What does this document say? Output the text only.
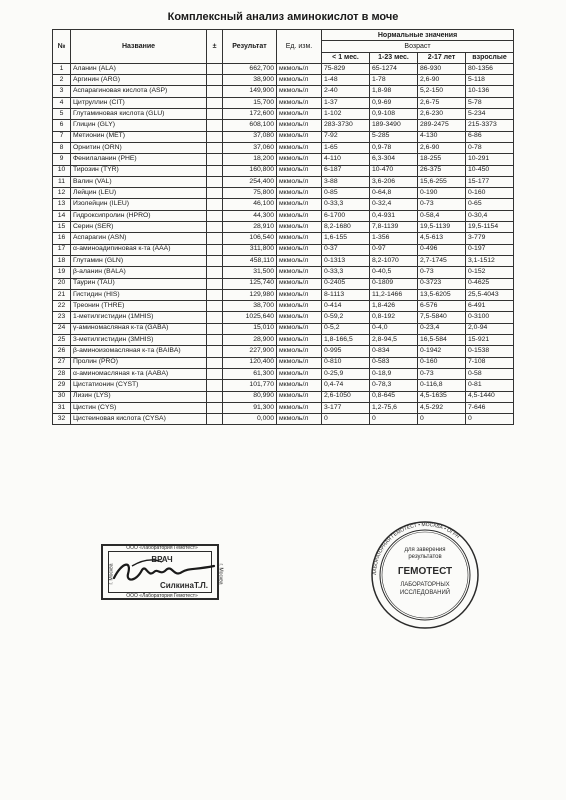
Комплексный анализ аминокислот в моче
№	Название	±	Результат	Ед. изм.	Нормальные значения			
					Возраст			
					< 1 мес.	1-23 мес.	2-17 лет	взрослые
1	Аланин (ALA)		662,700	мкмоль/л	75-829	65-1274	86-930	80-1356
2	Аргинин (ARG)		38,900	мкмоль/л	1-48	1-78	2,6-90	5-118
3	Аспарагиновая кислота (ASP)		149,900	мкмоль/л	2-40	1,8-98	5,2-150	10-136
4	Цитруллин (CIT)		15,700	мкмоль/л	1-37	0,9-69	2,6-75	5-78
5	Глутаминовая кислота (GLU)		172,600	мкмоль/л	1-102	0,9-108	2,6-230	5-234
6	Глицин (GLY)		608,100	мкмоль/л	283-3730	189-3490	289-2475	215-3373
7	Метионин (MET)		37,080	мкмоль/л	7-92	5-285	4-130	6-86
8	Орнитин (ORN)		37,060	мкмоль/л	1-65	0,9-78	2,6-90	0-78
9	Фенилаланин (PHE)		18,200	мкмоль/л	4-110	6,3-304	18-255	10-291
10	Тирозин (TYR)		160,800	мкмоль/л	6-187	10-470	26-375	10-450
11	Валин (VAL)		254,400	мкмоль/л	3-88	3,6-206	15,6-255	15-177
12	Лейцин (LEU)		75,800	мкмоль/л	0-85	0-64,8	0-190	0-160
13	Изолейцин (ILEU)		46,100	мкмоль/л	0-33,3	0-32,4	0-73	0-65
14	Гидроксипролин (HPRO)		44,300	мкмоль/л	6-1700	0,4-931	0-58,4	0-30,4
15	Серин (SER)		28,910	мкмоль/л	8,2-1680	7,8-1139	19,5-1139	19,5-1154
16	Аспарагин (ASN)		106,540	мкмоль/л	1,6-155	1-356	4,5-613	3-779
17	α-аминоадипиновая к-та (AAA)		311,800	мкмоль/л	0-37	0-97	0-496	0-197
18	Глутамин (GLN)		458,110	мкмоль/л	0-1313	8,2-1070	2,7-1745	3,1-1512
19	β-аланин (BALA)		31,500	мкмоль/л	0-33,3	0-40,5	0-73	0-152
20	Таурин (TAU)		125,740	мкмоль/л	0-2405	0-1809	0-3723	0-4625
21	Гистидин (HIS)		129,980	мкмоль/л	8-1113	11,2-1466	13,5-6205	25,5-4043
22	Треонин (THRE)		38,700	мкмоль/л	0-414	1,8-426	6-576	6-491
23	1-метилгистидин (1MHIS)		1025,640	мкмоль/л	0-59,2	0,8-192	7,5-5840	0-3100
24	γ-аминомасляная к-та (GABA)		15,010	мкмоль/л	0-5,2	0-4,0	0-23,4	2,0-94
25	3-метилгистидин (3MHIS)		28,900	мкмоль/л	1,8-166,5	2,8-94,5	16,5-584	15-921
26	β-аминоизомасляная к-та (BAIBA)		227,900	мкмоль/л	0-995	0-834	0-1942	0-1538
27	Пролин (PRO)		120,400	мкмоль/л	0-810	0-583	0-160	7-108
28	α-аминомасляная к-та (AABA)		61,300	мкмоль/л	0-25,9	0-18,9	0-73	0-58
29	Цистатионин (CYST)		101,770	мкмоль/л	0,4-74	0-78,3	0-116,8	0-81
30	Лизин (LYS)		80,990	мкмоль/л	2,6-1050	0,8-645	4,5-1635	4,5-1440
31	Цистин (CYS)		91,300	мкмоль/л	3-177	1,2-75,6	4,5-292	7-646
32	Цистеиновая кислота (CYSA)		0,000	мкмоль/л	0	0	0	0
ООО «Лаборатория Гемотест»
ООО «Лаборатория Гемотест»
г. Москва	г. Москва
ВРАЧ
СилкинаТ.Л.
ЛАБОРАТОРНАЯ ГЕМОТЕСТ • МОСКВА • ОГРН
для заверения
результатов
ГЕМОТЕСТ
ЛАБОРАТОРНЫХ
ИССЛЕДОВАНИЙ
